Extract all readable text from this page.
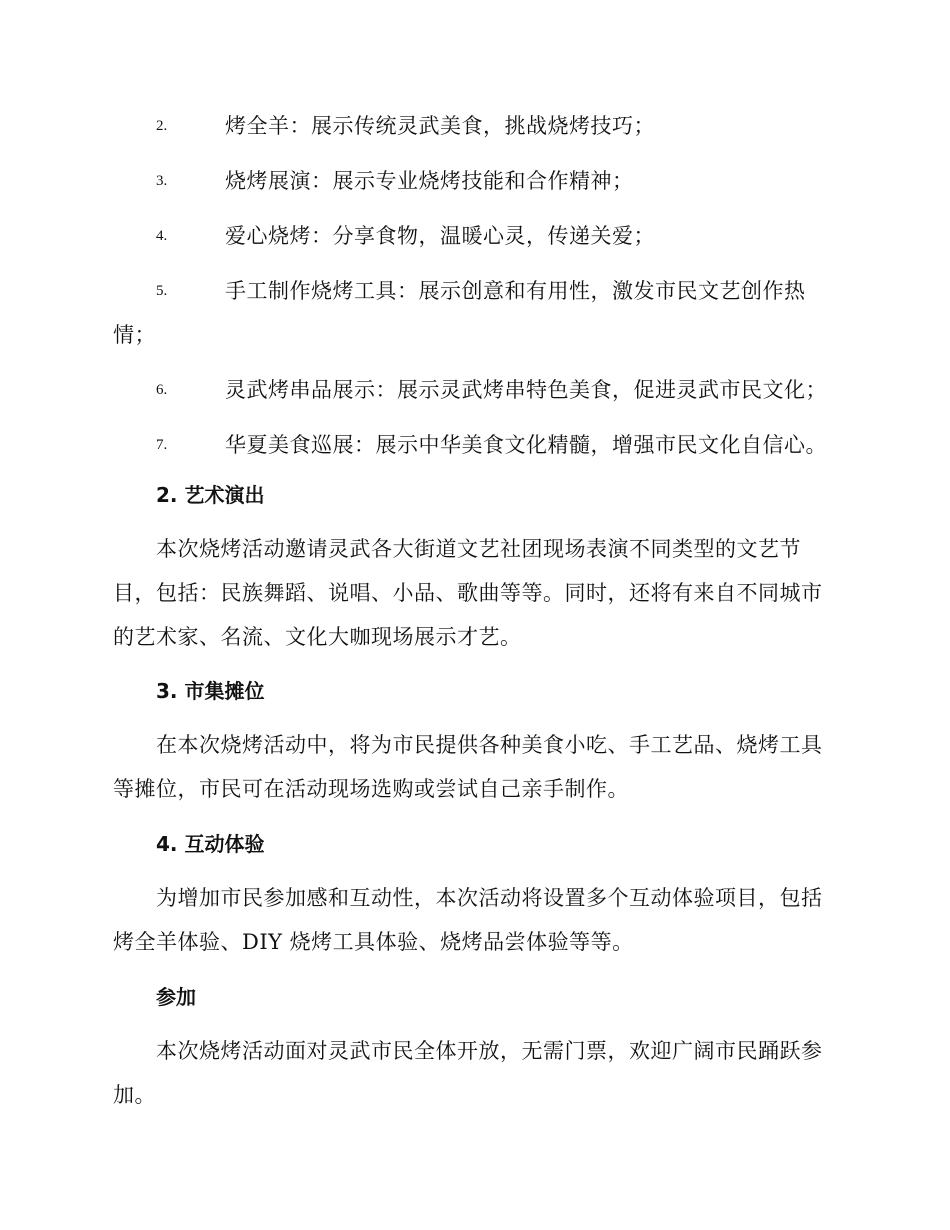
2.	烤全羊：展示传统灵武美食，挑战烧烤技巧；
3.	烧烤展演：展示专业烧烤技能和合作精神；
4.	爱心烧烤：分享食物，温暖心灵，传递关爱；
5.	手工制作烧烤工具：展示创意和有用性，激发市民文艺创作热情；
6.	灵武烤串品展示：展示灵武烤串特色美食，促进灵武市民文化；
7.	华夏美食巡展：展示中华美食文化精髓，增强市民文化自信心。
2. 艺术演出

本次烧烤活动邀请灵武各大街道文艺社团现场表演不同类型的文艺节目，包括：民族舞蹈、说唱、小品、歌曲等等。同时，还将有来自不同城市的艺术家、名流、文化大咖现场展示才艺。

3. 市集摊位

在本次烧烤活动中，将为市民提供各种美食小吃、手工艺品、烧烤工具等摊位，市民可在活动现场选购或尝试自己亲手制作。

4. 互动体验

为增加市民参加感和互动性，本次活动将设置多个互动体验项目，包括烤全羊体验、DIY 烧烤工具体验、烧烤品尝体验等等。

参加

本次烧烤活动面对灵武市民全体开放，无需门票，欢迎广阔市民踊跃参加。
